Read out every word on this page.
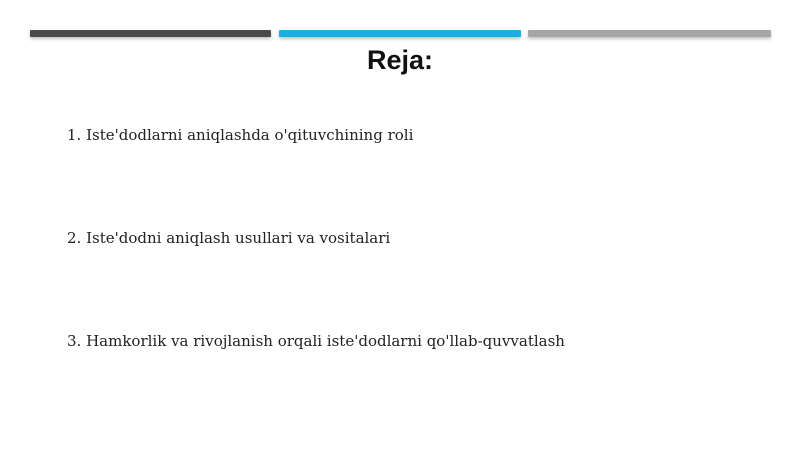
Reja:
1. Iste'dodlarni aniqlashda o'qituvchining roli
2. Iste'dodni aniqlash usullari va vositalari
3. Hamkorlik va rivojlanish orqali iste'dodlarni qo'llab-quvvatlash
